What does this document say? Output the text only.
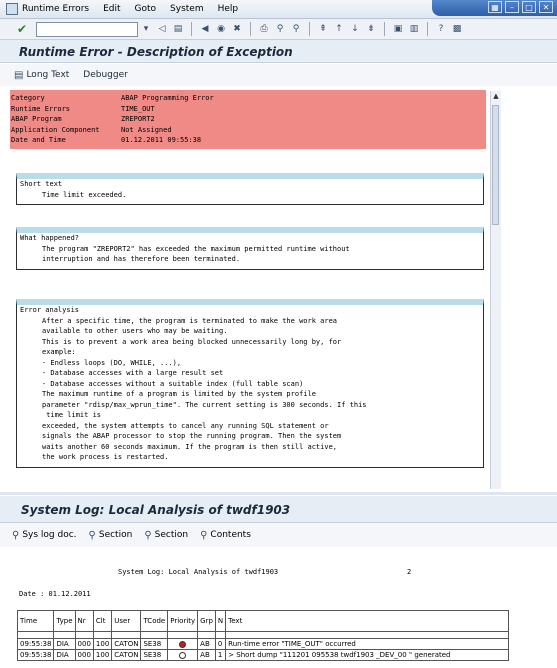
Runtime Errors Edit Goto System Help	▦	–	□	✕
✔	▾	◁ ▤ ◀ ◉ ✖ ⎙	⚲	⚲	⇞ ↑ ↓ ⇟ ▣ ▥	?	▩
Runtime Error - Description of Exception
▤ Long Text Debugger
Category	ABAP Programming Error
Runtime Errors	TIME_OUT
ABAP Program	ZREPORT2
Application Component	Not Assigned
Date and Time	01.12.2011 09:55:38
Short text
Time limit exceeded.
What happened?
The program "ZREPORT2" has exceeded the maximum permitted runtime without
interruption and has therefore been terminated.
Error analysis
After a specific time, the program is terminated to make the work area
available to other users who may be waiting.
This is to prevent a work area being blocked unnecessarily long by, for
example:
- Endless loops (DO, WHILE, ...),
- Database accesses with a large result set
- Database accesses without a suitable index (full table scan)
The maximum runtime of a program is limited by the system profile
parameter "rdisp/max_wprun_time". The current setting is 300 seconds. If this
time limit is
exceeded, the system attempts to cancel any running SQL statement or
signals the ABAP processor to stop the running program. Then the system
waits another 60 seconds maximum. If the program is then still active,
the work process is restarted.
▲
System Log: Local Analysis of twdf1903
⚲ Sys log doc. ⚲ Section ⚲ Section ⚲ Contents
System Log: Local Analysis of twdf1903	2
Date : 01.12.2011
Time	Type	Nr	Clt	User	TCode	Priority	Grp	N	Text

09:55:38	DIA	000	100	CATON	SE38		AB	0	Run-time error "TIME_OUT" occurred
09:55:38	DIA	000	100	CATON	SE38		AB	1	> Short dump "111201 095538 twdf1903 _DEV_00 " generated
